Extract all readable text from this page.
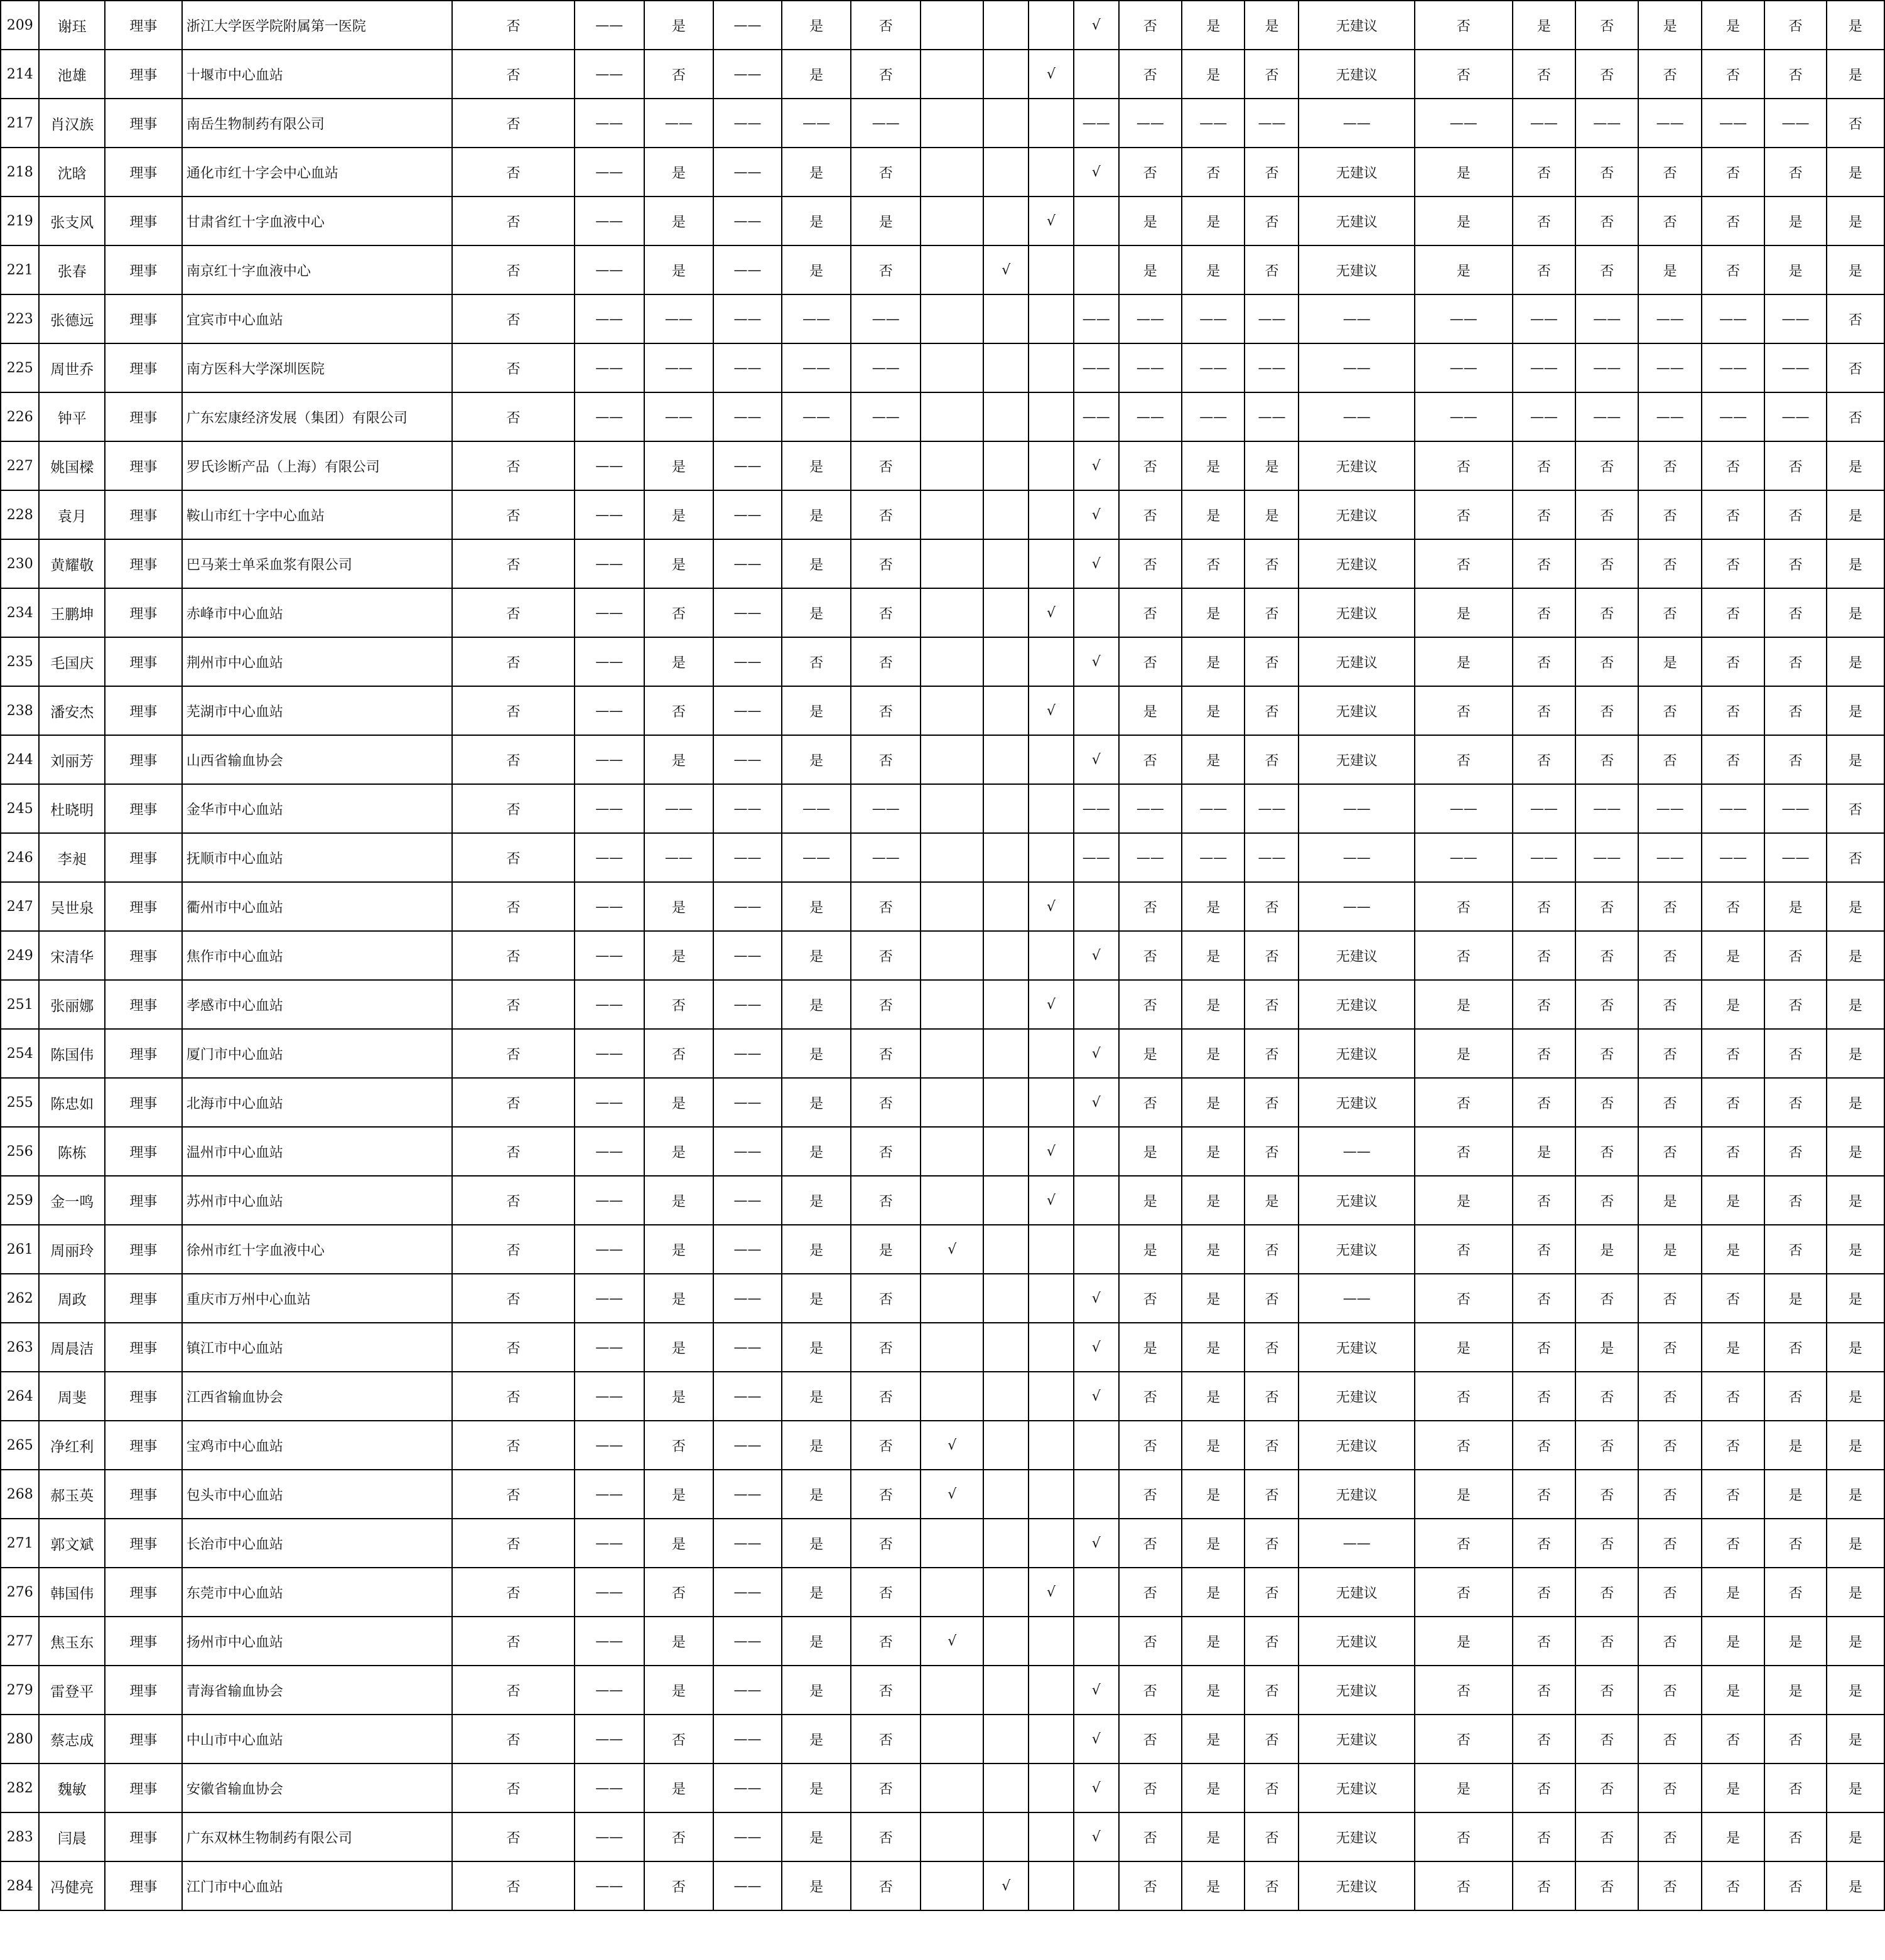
209	谢珏	理事	浙江大学医学院附属第一医院	否	——	是	——	是	否				√	否	是	是	无建议	否	是	否	是	是	否	是
214	池雄	理事	十堰市中心血站	否	——	否	——	是	否			√		否	是	否	无建议	否	否	否	否	否	否	是
217	肖汉族	理事	南岳生物制药有限公司	否	——	——	——	——	——				——	——	——	——	——	——	——	——	——	——	——	否
218	沈晗	理事	通化市红十字会中心血站	否	——	是	——	是	否				√	否	否	否	无建议	是	否	否	否	否	否	是
219	张支风	理事	甘肃省红十字血液中心	否	——	是	——	是	是			√		是	是	否	无建议	是	否	否	否	否	是	是
221	张春	理事	南京红十字血液中心	否	——	是	——	是	否		√			是	是	否	无建议	是	否	否	是	否	是	是
223	张德远	理事	宜宾市中心血站	否	——	——	——	——	——				——	——	——	——	——	——	——	——	——	——	——	否
225	周世乔	理事	南方医科大学深圳医院	否	——	——	——	——	——				——	——	——	——	——	——	——	——	——	——	——	否
226	钟平	理事	广东宏康经济发展（集团）有限公司	否	——	——	——	——	——				——	——	——	——	——	——	——	——	——	——	——	否
227	姚国樑	理事	罗氏诊断产品（上海）有限公司	否	——	是	——	是	否				√	否	是	是	无建议	否	否	否	否	否	否	是
228	袁月	理事	鞍山市红十字中心血站	否	——	是	——	是	否				√	否	是	是	无建议	否	否	否	否	否	否	是
230	黄耀敬	理事	巴马莱士单采血浆有限公司	否	——	是	——	是	否				√	否	否	否	无建议	否	否	否	否	否	否	是
234	王鹏坤	理事	赤峰市中心血站	否	——	否	——	是	否			√		否	是	否	无建议	是	否	否	否	否	否	是
235	毛国庆	理事	荆州市中心血站	否	——	是	——	否	否				√	否	是	否	无建议	是	否	否	是	否	否	是
238	潘安杰	理事	芜湖市中心血站	否	——	否	——	是	否			√		是	是	否	无建议	否	否	否	否	否	否	是
244	刘丽芳	理事	山西省输血协会	否	——	是	——	是	否				√	否	是	否	无建议	否	否	否	否	否	否	是
245	杜晓明	理事	金华市中心血站	否	——	——	——	——	——				——	——	——	——	——	——	——	——	——	——	——	否
246	李昶	理事	抚顺市中心血站	否	——	——	——	——	——				——	——	——	——	——	——	——	——	——	——	——	否
247	吴世泉	理事	衢州市中心血站	否	——	是	——	是	否			√		否	是	否	——	否	否	否	否	否	是	是
249	宋清华	理事	焦作市中心血站	否	——	是	——	是	否				√	否	是	否	无建议	否	否	否	否	是	否	是
251	张丽娜	理事	孝感市中心血站	否	——	否	——	是	否			√		否	是	否	无建议	是	否	否	否	是	否	是
254	陈国伟	理事	厦门市中心血站	否	——	否	——	是	否				√	是	是	否	无建议	是	否	否	否	否	否	是
255	陈忠如	理事	北海市中心血站	否	——	是	——	是	否				√	否	是	否	无建议	否	否	否	否	否	否	是
256	陈栋	理事	温州市中心血站	否	——	是	——	是	否			√		是	是	否	——	否	是	否	否	否	否	是
259	金一鸣	理事	苏州市中心血站	否	——	是	——	是	否			√		是	是	是	无建议	是	否	否	是	是	否	是
261	周丽玲	理事	徐州市红十字血液中心	否	——	是	——	是	是	√				是	是	否	无建议	否	否	是	是	是	否	是
262	周政	理事	重庆市万州中心血站	否	——	是	——	是	否				√	否	是	否	——	否	否	否	否	否	是	是
263	周晨洁	理事	镇江市中心血站	否	——	是	——	是	否				√	是	是	否	无建议	是	否	是	否	是	否	是
264	周斐	理事	江西省输血协会	否	——	是	——	是	否				√	否	是	否	无建议	否	否	否	否	否	否	是
265	净红利	理事	宝鸡市中心血站	否	——	否	——	是	否	√				否	是	否	无建议	否	否	否	否	否	是	是
268	郝玉英	理事	包头市中心血站	否	——	是	——	是	否	√				否	是	否	无建议	是	否	否	否	否	是	是
271	郭文斌	理事	长治市中心血站	否	——	是	——	是	否				√	否	是	否	——	否	否	否	否	否	否	是
276	韩国伟	理事	东莞市中心血站	否	——	否	——	是	否			√		否	是	否	无建议	否	否	否	否	是	否	是
277	焦玉东	理事	扬州市中心血站	否	——	是	——	是	否	√				否	是	否	无建议	是	否	否	否	是	是	是
279	雷登平	理事	青海省输血协会	否	——	是	——	是	否				√	否	是	否	无建议	否	否	否	否	是	是	是
280	蔡志成	理事	中山市中心血站	否	——	否	——	是	否				√	否	是	否	无建议	否	否	否	否	否	否	是
282	魏敏	理事	安徽省输血协会	否	——	是	——	是	否				√	否	是	否	无建议	是	否	否	否	是	否	是
283	闫晨	理事	广东双林生物制药有限公司	否	——	否	——	是	否				√	否	是	否	无建议	否	否	否	否	是	否	是
284	冯健亮	理事	江门市中心血站	否	——	否	——	是	否		√			否	是	否	无建议	否	否	否	否	否	否	是
